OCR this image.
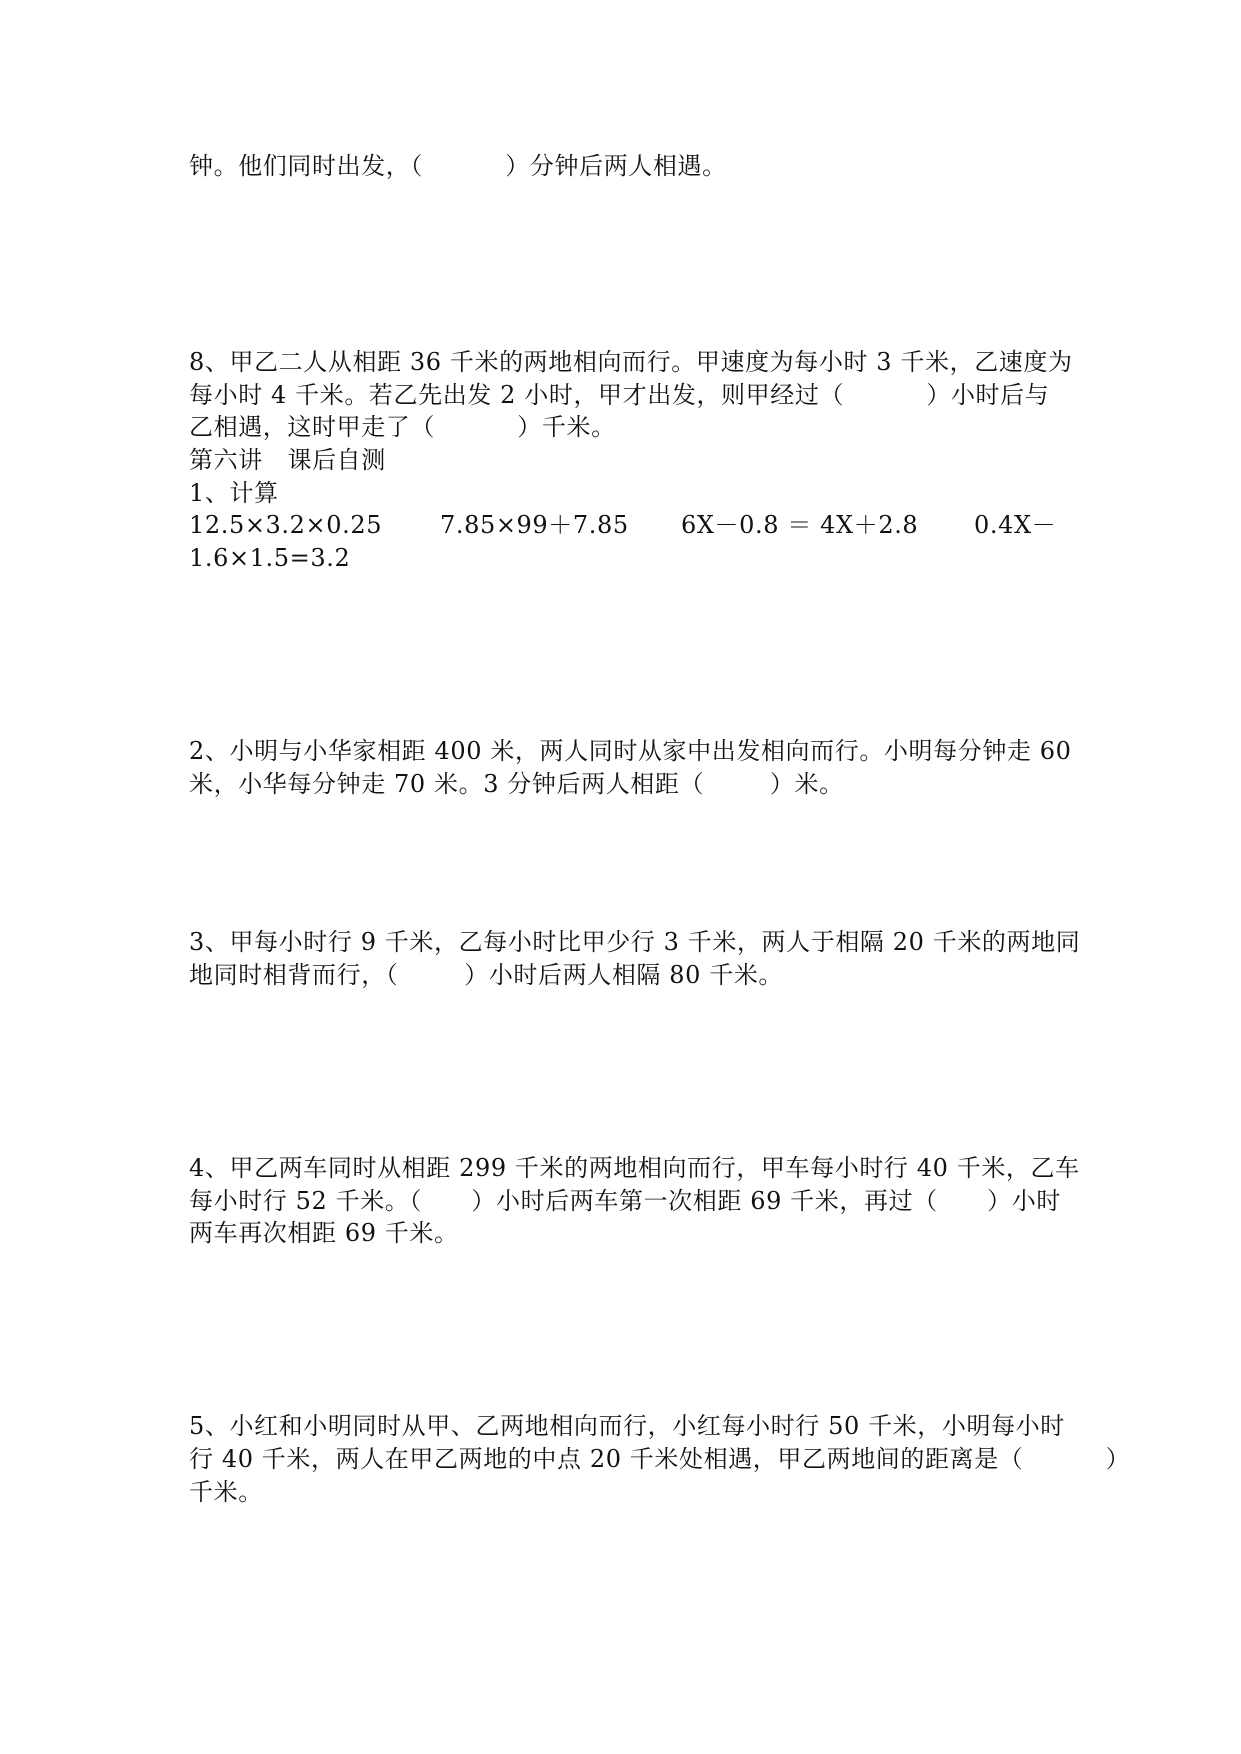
钟。他们同时出发，（          ）分钟后两人相遇。
8、甲乙二人从相距 36 千米的两地相向而行。甲速度为每小时 3 千米，乙速度为
每小时 4 千米。若乙先出发 2 小时，甲才出发，则甲经过（          ）小时后与
乙相遇，这时甲走了（          ）千米。
第六讲   课后自测
1、计算
12.5×3.2×0.25 7.85×99＋7.85 6X－0.8 ＝ 4X＋2.8 0.4X－
1.6×1.5=3.2
2、小明与小华家相距 400 米，两人同时从家中出发相向而行。小明每分钟走 60
米，小华每分钟走 70 米。3 分钟后两人相距（        ）米。
3、甲每小时行 9 千米，乙每小时比甲少行 3 千米，两人于相隔 20 千米的两地同
地同时相背而行，（        ）小时后两人相隔 80 千米。
4、甲乙两车同时从相距 299 千米的两地相向而行，甲车每小时行 40 千米，乙车
每小时行 52 千米。（      ）小时后两车第一次相距 69 千米，再过（      ）小时
两车再次相距 69 千米。
5、小红和小明同时从甲、乙两地相向而行，小红每小时行 50 千米，小明每小时
行 40 千米，两人在甲乙两地的中点 20 千米处相遇，甲乙两地间的距离是（          ）
千米。
